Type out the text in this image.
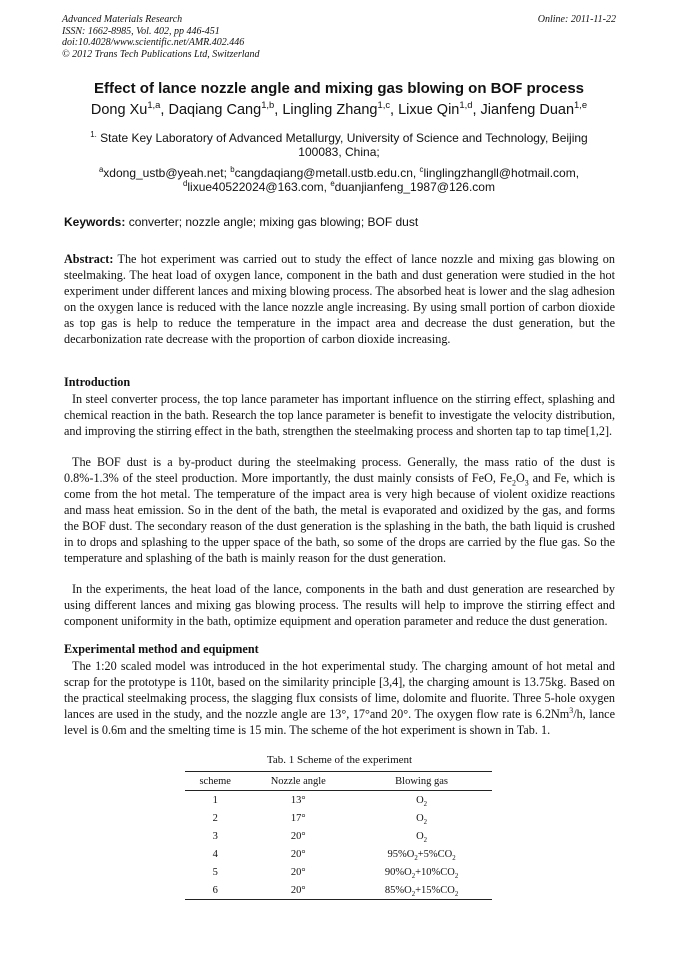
Advanced Materials Research
ISSN: 1662-8985, Vol. 402, pp 446-451
doi:10.4028/www.scientific.net/AMR.402.446
© 2012 Trans Tech Publications Ltd, Switzerland
Online: 2011-11-22
Effect of lance nozzle angle and mixing gas blowing on BOF process
Dong Xu$^{1,a}$, Daqiang Cang$^{1,b}$, Lingling Zhang$^{1,c}$, Lixue Qin$^{1,d}$, Jianfeng Duan$^{1,e}$
$^{1.}$ State Key Laboratory of Advanced Metallurgy, University of Science and Technology, Beijing 100083, China;
$^a$xdong_ustb@yeah.net; $^b$cangdaqiang@metall.ustb.edu.cn, $^c$linglingzhangll@hotmail.com,
$^d$lixue40522024@163.com, $^e$duanjianfeng_1987@126.com
Keywords: converter; nozzle angle; mixing gas blowing; BOF dust
Abstract: The hot experiment was carried out to study the effect of lance nozzle and mixing gas blowing on steelmaking. The heat load of oxygen lance, component in the bath and dust generation were studied in the hot experiment under different lances and mixing blowing process. The absorbed heat is lower and the slag adhesion on the oxygen lance is reduced with the lance nozzle angle increasing. By using small portion of carbon dioxide as top gas is help to reduce the temperature in the impact area and decrease the dust generation, but the decarbonization rate decrease with the proportion of carbon dioxide increasing.
Introduction
In steel converter process, the top lance parameter has important influence on the stirring effect, splashing and chemical reaction in the bath. Research the top lance parameter is benefit to investigate the velocity distribution, and improving the stirring effect in the bath, strengthen the steelmaking process and shorten tap to tap time[1,2].
The BOF dust is a by-product during the steelmaking process. Generally, the mass ratio of the dust is 0.8%-1.3% of the steel production. More importantly, the dust mainly consists of FeO, $Fe_2O_3$ and Fe, which is come from the hot metal. The temperature of the impact area is very high because of violent oxidize reactions and mass heat emission. So in the dent of the bath, the metal is evaporated and oxidized by the gas, and forms the BOF dust. The secondary reason of the dust generation is the splashing in the bath, the bath liquid is crushed in to drops and splashing to the upper space of the bath, so some of the drops are carried by the flue gas. So the temperature and splashing of the bath is mainly reason for the dust generation.
In the experiments, the heat load of the lance, components in the bath and dust generation are researched by using different lances and mixing gas blowing process. The results will help to improve the stirring effect and component uniformity in the bath, optimize equipment and operation parameter and reduce the dust generation.
Experimental method and equipment
The 1:20 scaled model was introduced in the hot experimental study. The charging amount of hot metal and scrap for the prototype is 110t, based on the similarity principle [3,4], the charging amount is 13.75kg. Based on the practical steelmaking process, the slagging flux consists of lime, dolomite and fluorite. Three 5-hole oxygen lances are used in the study, and the nozzle angle are 13°, 17°and 20°. The oxygen flow rate is 6.2Nm$^3$/h, lance level is 0.6m and the smelting time is 15 min. The scheme of the hot experiment is shown in Tab. 1.
Tab. 1 Scheme of the experiment
scheme	Nozzle angle	Blowing gas
1	13°	$O_2$
2	17°	$O_2$
3	20°	$O_2$
4	20°	$95\%O_2+5\%CO_2$
5	20°	$90\%O_2+10\%CO_2$
6	20°	$85\%O_2+15\%CO_2$
